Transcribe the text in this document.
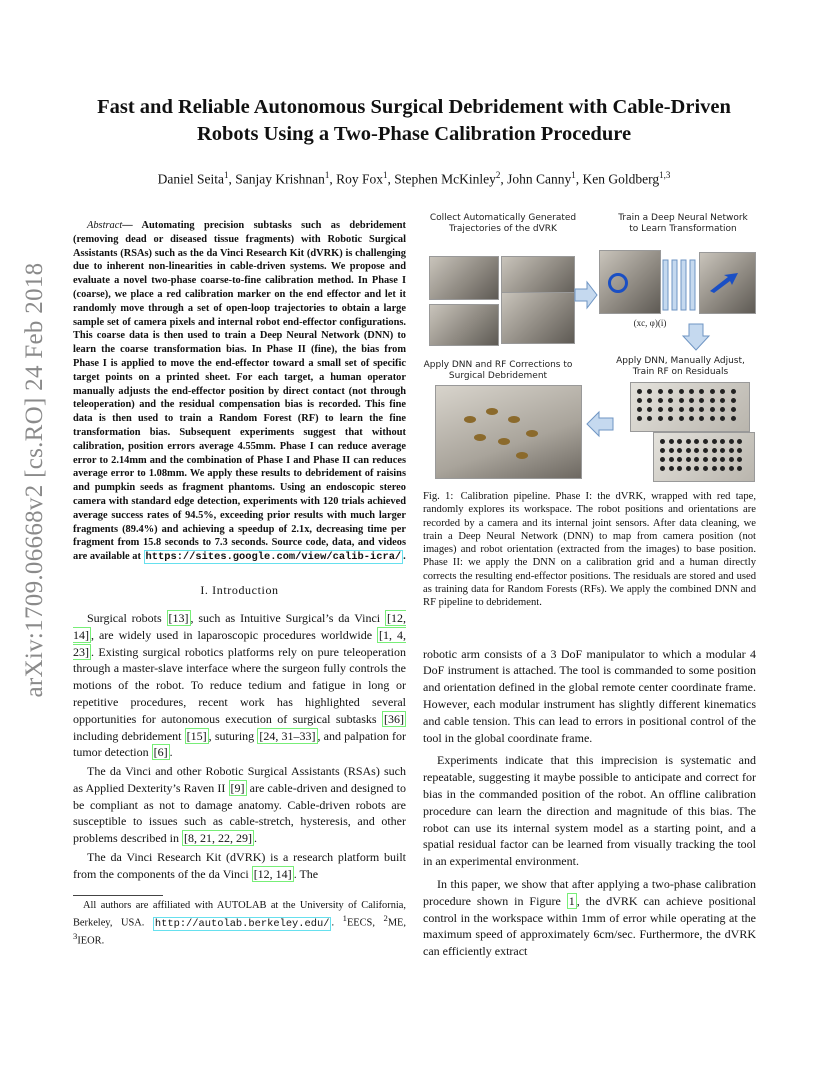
arXiv:1709.06668v2 [cs.RO] 24 Feb 2018
Fast and Reliable Autonomous Surgical Debridement with Cable-Driven
Robots Using a Two-Phase Calibration Procedure
Daniel Seita$^1$, Sanjay Krishnan$^1$, Roy Fox$^1$, Stephen McKinley$^2$, John Canny$^1$, Ken Goldberg$^{1,3}$

Abstract— Automating precision subtasks such as debridement (removing dead or diseased tissue fragments) with Robotic Surgical Assistants (RSAs) such as the da Vinci Research Kit (dVRK) is challenging due to inherent non-linearities in cable-driven systems. We propose and evaluate a novel two-phase coarse-to-fine calibration method. In Phase I (coarse), we place a red calibration marker on the end effector and let it randomly move through a set of open-loop trajectories to obtain a large sample set of camera pixels and internal robot end-effector configurations. This coarse data is then used to train a Deep Neural Network (DNN) to learn the coarse transformation bias. In Phase II (fine), the bias from Phase I is applied to move the end-effector toward a small set of specific target points on a printed sheet. For each target, a human operator manually adjusts the end-effector position by direct contact (not through teleoperation) and the residual compensation bias is recorded. This fine data is then used to train a Random Forest (RF) to learn the fine transformation bias. Subsequent experiments suggest that without calibration, position errors average 4.55mm. Phase I can reduce average error to 2.14mm and the combination of Phase I and Phase II can reduces average error to 1.08mm. We apply these results to debridement of raisins and pumpkin seeds as fragment phantoms. Using an endoscopic stereo camera with standard edge detection, experiments with 120 trials achieved average success rates of 94.5%, exceeding prior results with much larger fragments (89.4%) and achieving a speedup of 2.1x, decreasing time per fragment from 15.8 seconds to 7.3 seconds. Source code, data, and videos are available at https://sites.google.com/view/calib-icra/ .

I. Introduction

Surgical robots [13] , such as Intuitive Surgical’s da Vinci [12, 14] , are widely used in laparoscopic procedures worldwide [1, 4, 23] . Existing surgical robotics platforms rely on pure teleoperation through a master-slave interface where the surgeon fully controls the motions of the robot. To reduce tedium and fatigue in long or repetitive procedures, recent work has highlighted several opportunities for autonomous execution of surgical subtasks [36] including debridement [15] , suturing [24, 31–33] , and palpation for tumor detection [6] .

The da Vinci and other Robotic Surgical Assistants (RSAs) such as Applied Dexterity’s Raven II [9] are cable-driven and designed to be compliant as not to damage anatomy. Cable-driven robots are susceptible to issues such as cable-stretch, hysteresis, and other problems described in [8, 21, 22, 29] .

The da Vinci Research Kit (dVRK) is a research platform built from the components of the da Vinci [12, 14] . The

All authors are affiliated with AUTOLAB at the University of California, Berkeley, USA. http://autolab.berkeley.edu/ . $^1$EECS, $^2$ME, $^3$IEOR.

Collect Automatically Generated Trajectories of the dVRK
Train a Deep Neural Network to Learn Transformation
(xc, φ)(i)
Apply DNN and RF Corrections to Surgical Debridement
Apply DNN, Manually Adjust, Train RF on Residuals

Fig. 1: Calibration pipeline. Phase I: the dVRK, wrapped with red tape, randomly explores its workspace. The robot positions and orientations are recorded by a camera and its internal joint sensors. After data cleaning, we train a Deep Neural Network (DNN) to map from camera position (not images) and robot orientation (extracted from the images) to base position. Phase II: we apply the DNN on a calibration grid and a human directly corrects the resulting end-effector positions. The residuals are stored and used as training data for Random Forests (RFs). We apply the combined DNN and RF pipeline to debridement.

robotic arm consists of a 3 DoF manipulator to which a modular 4 DoF instrument is attached. The tool is commanded to some position and orientation defined in the global remote center coordinate frame. However, each modular instrument has slightly different kinematics and cable tension. This can lead to errors in positional control of the tool in the global coordinate frame.

Experiments indicate that this imprecision is systematic and repeatable, suggesting it maybe possible to anticipate and correct for bias in the commanded position of the robot. An offline calibration procedure can learn the direction and magnitude of this bias. The robot can use its internal system model as a starting point, and a spatial residual factor can be learned from visually tracking the tool in an experimental environment.

In this paper, we show that after applying a two-phase calibration procedure shown in Figure 1 , the dVRK can achieve positional control in the workspace within 1mm of error while operating at the maximum speed of approximately 6cm/sec. Furthermore, the dVRK can efficiently extract
